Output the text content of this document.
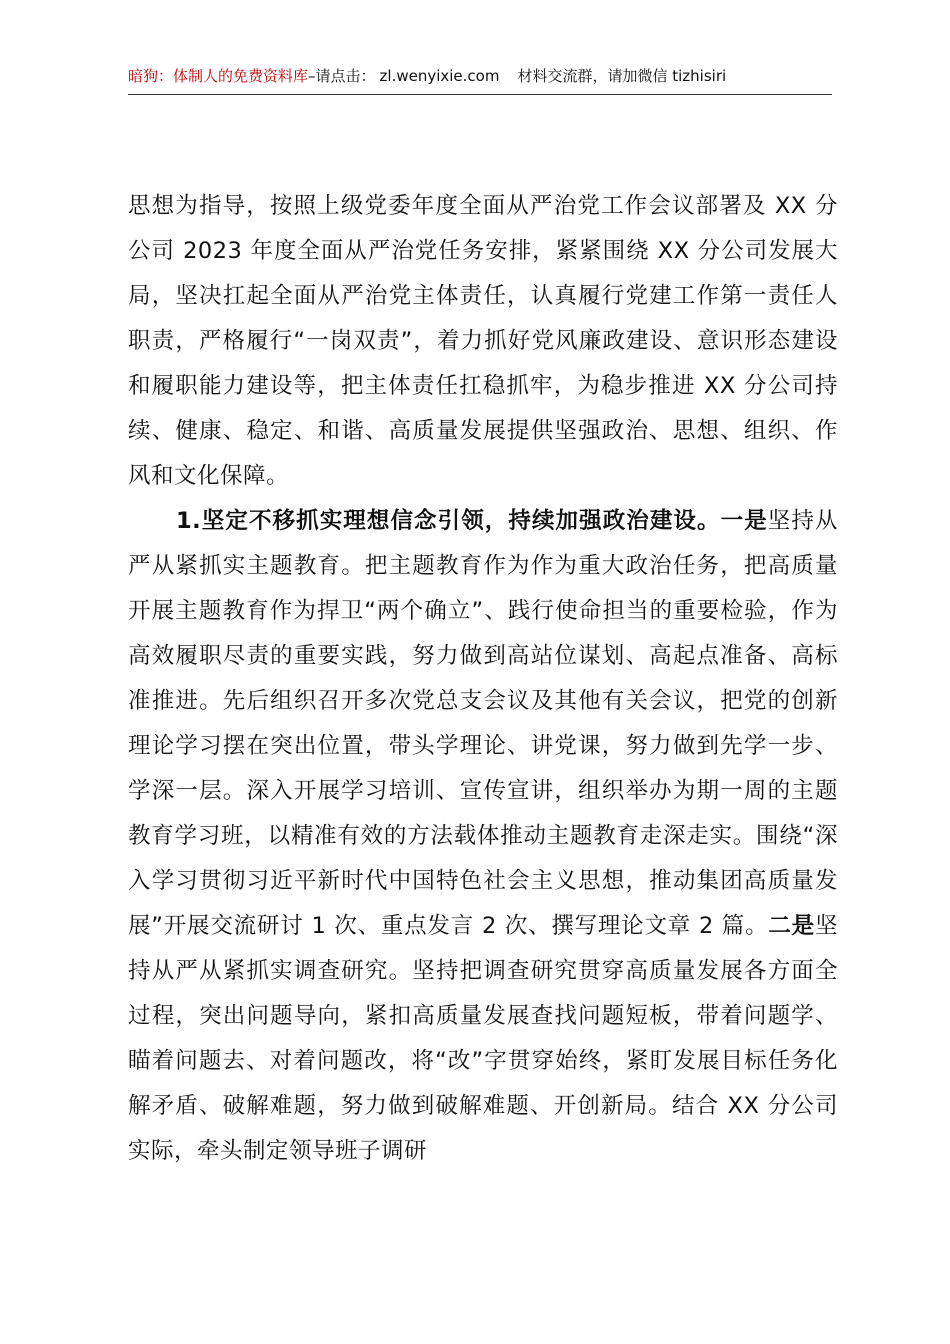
暗狗：体制人的免费资料库–请点击： zl.wenyixie.com 材料交流群，请加微信 tizhisiri

思想为指导，按照上级党委年度全面从严治党工作会议部署及 XX 分公司 2023 年度全面从严治党任务安排，紧紧围绕 XX 分公司发展大局，坚决扛起全面从严治党主体责任，认真履行党建工作第一责任人职责，严格履行“一岗双责”，着力抓好党风廉政建设、意识形态建设和履职能力建设等，把主体责任扛稳抓牢，为稳步推进 XX 分公司持续、健康、稳定、和谐、高质量发展提供坚强政治、思想、组织、作风和文化保障。

1.坚定不移抓实理想信念引领，持续加强政治建设。一是坚持从严从紧抓实主题教育。把主题教育作为作为重大政治任务，把高质量开展主题教育作为捍卫“两个确立”、践行使命担当的重要检验，作为高效履职尽责的重要实践，努力做到高站位谋划、高起点准备、高标准推进。先后组织召开多次党总支会议及其他有关会议，把党的创新理论学习摆在突出位置，带头学理论、讲党课，努力做到先学一步、学深一层。深入开展学习培训、宣传宣讲，组织举办为期一周的主题教育学习班，以精准有效的方法载体推动主题教育走深走实。围绕“深入学习贯彻习近平新时代中国特色社会主义思想，推动集团高质量发展”开展交流研讨 1 次、重点发言 2 次、撰写理论文章 2 篇。二是坚持从严从紧抓实调查研究。坚持把调查研究贯穿高质量发展各方面全过程，突出问题导向，紧扣高质量发展查找问题短板，带着问题学、瞄着问题去、对着问题改，将“改”字贯穿始终，紧盯发展目标任务化解矛盾、破解难题，努力做到破解难题、开创新局。结合 XX 分公司实际，牵头制定领导班子调研
